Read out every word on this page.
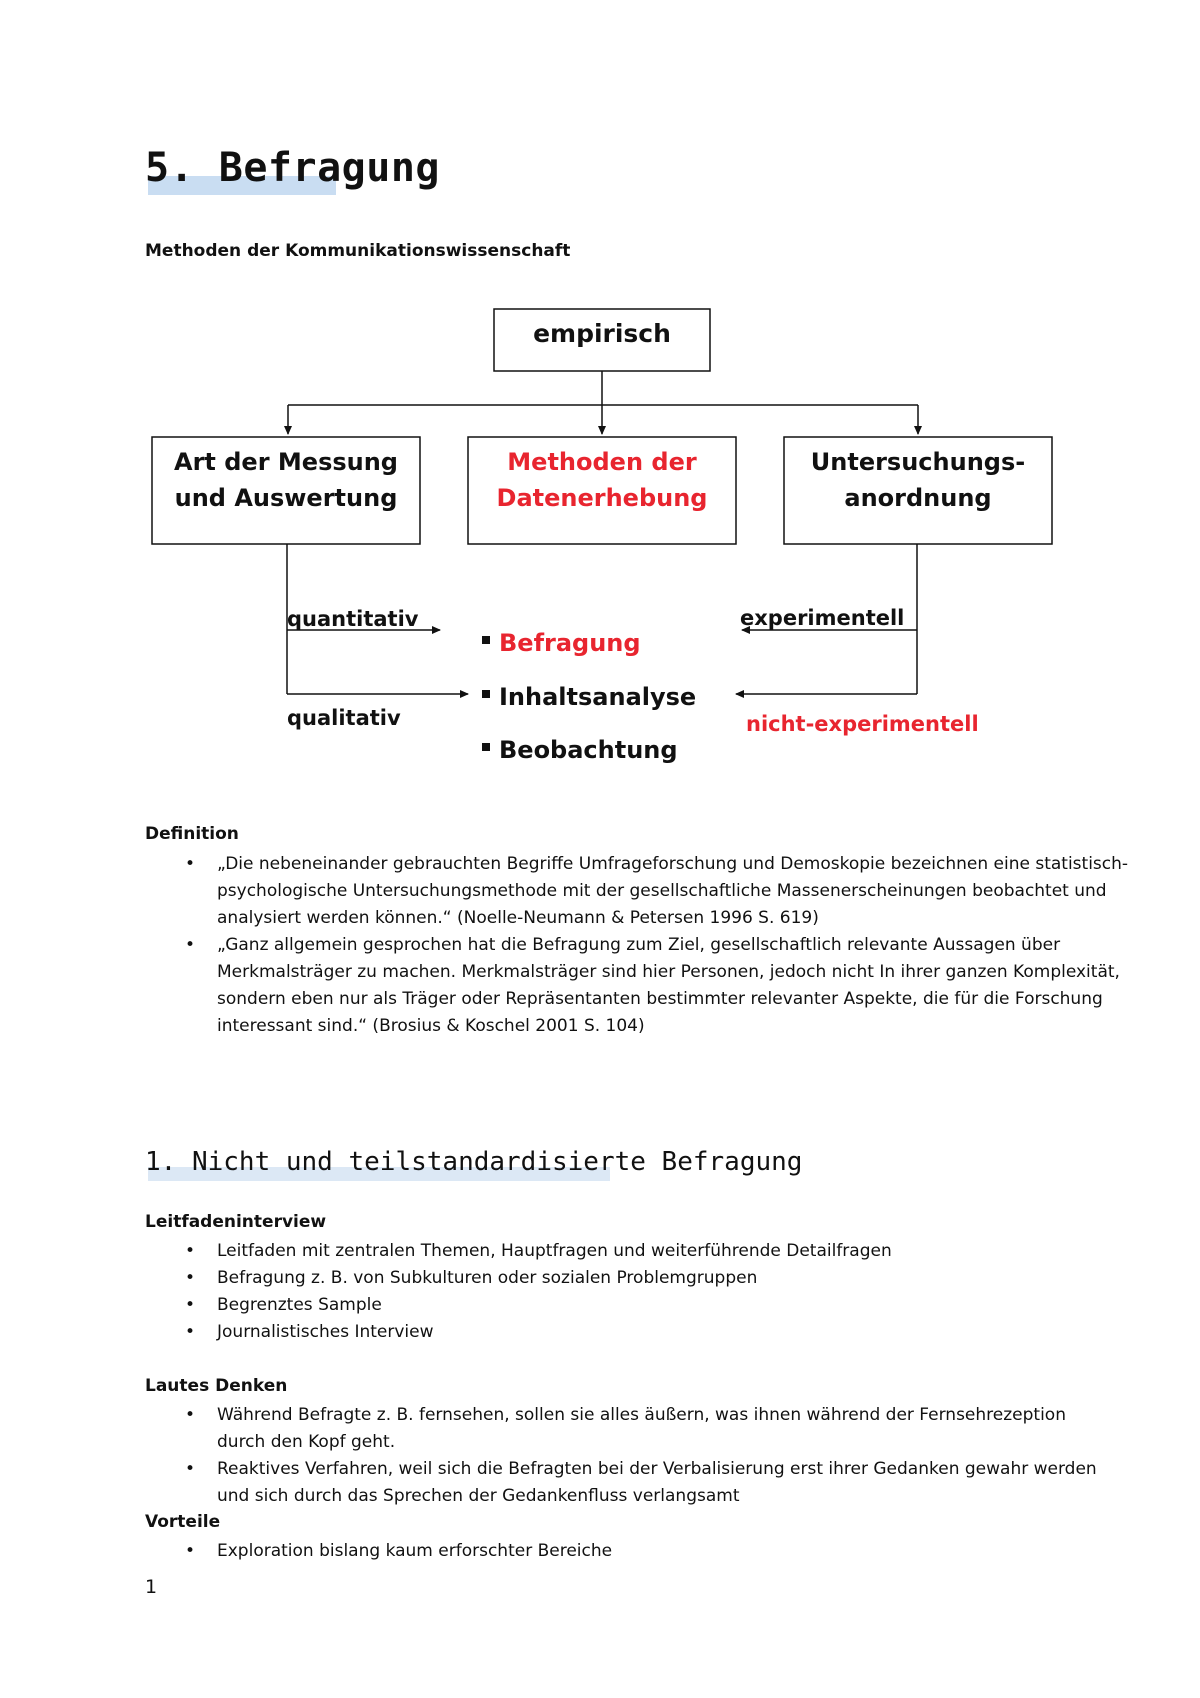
5. Befragung
Methoden der Kommunikationswissenschaft
empirisch
Art der Messung
und Auswertung
Methoden der
Datenerhebung
Untersuchungs-
anordnung
quantitativ
qualitativ
experimentell
nicht-experimentell
Befragung
Inhaltsanalyse
Beobachtung
Definition
• „Die nebeneinander gebrauchten Begriffe Umfrageforschung und Demoskopie bezeichnen eine statistisch-psychologische Untersuchungsmethode mit der gesellschaftliche Massenerscheinungen beobachtet und analysiert werden können.“ (Noelle-Neumann & Petersen 1996 S. 619)
• „Ganz allgemein gesprochen hat die Befragung zum Ziel, gesellschaftlich relevante Aussagen über Merkmalsträger zu machen. Merkmalsträger sind hier Personen, jedoch nicht In ihrer ganzen Komplexität, sondern eben nur als Träger oder Repräsentanten bestimmter relevanter Aspekte, die für die Forschung interessant sind.“ (Brosius & Koschel 2001 S. 104)
1. Nicht und teilstandardisierte Befragung
Leitfadeninterview
• Leitfaden mit zentralen Themen, Hauptfragen und weiterführende Detailfragen
• Befragung z. B. von Subkulturen oder sozialen Problemgruppen
• Begrenztes Sample
• Journalistisches Interview
Lautes Denken
• Während Befragte z. B. fernsehen, sollen sie alles äußern, was ihnen während der Fernsehrezeption durch den Kopf geht.
• Reaktives Verfahren, weil sich die Befragten bei der Verbalisierung erst ihrer Gedanken gewahr werden und sich durch das Sprechen der Gedankenfluss verlangsamt
Vorteile
• Exploration bislang kaum erforschter Bereiche
1
